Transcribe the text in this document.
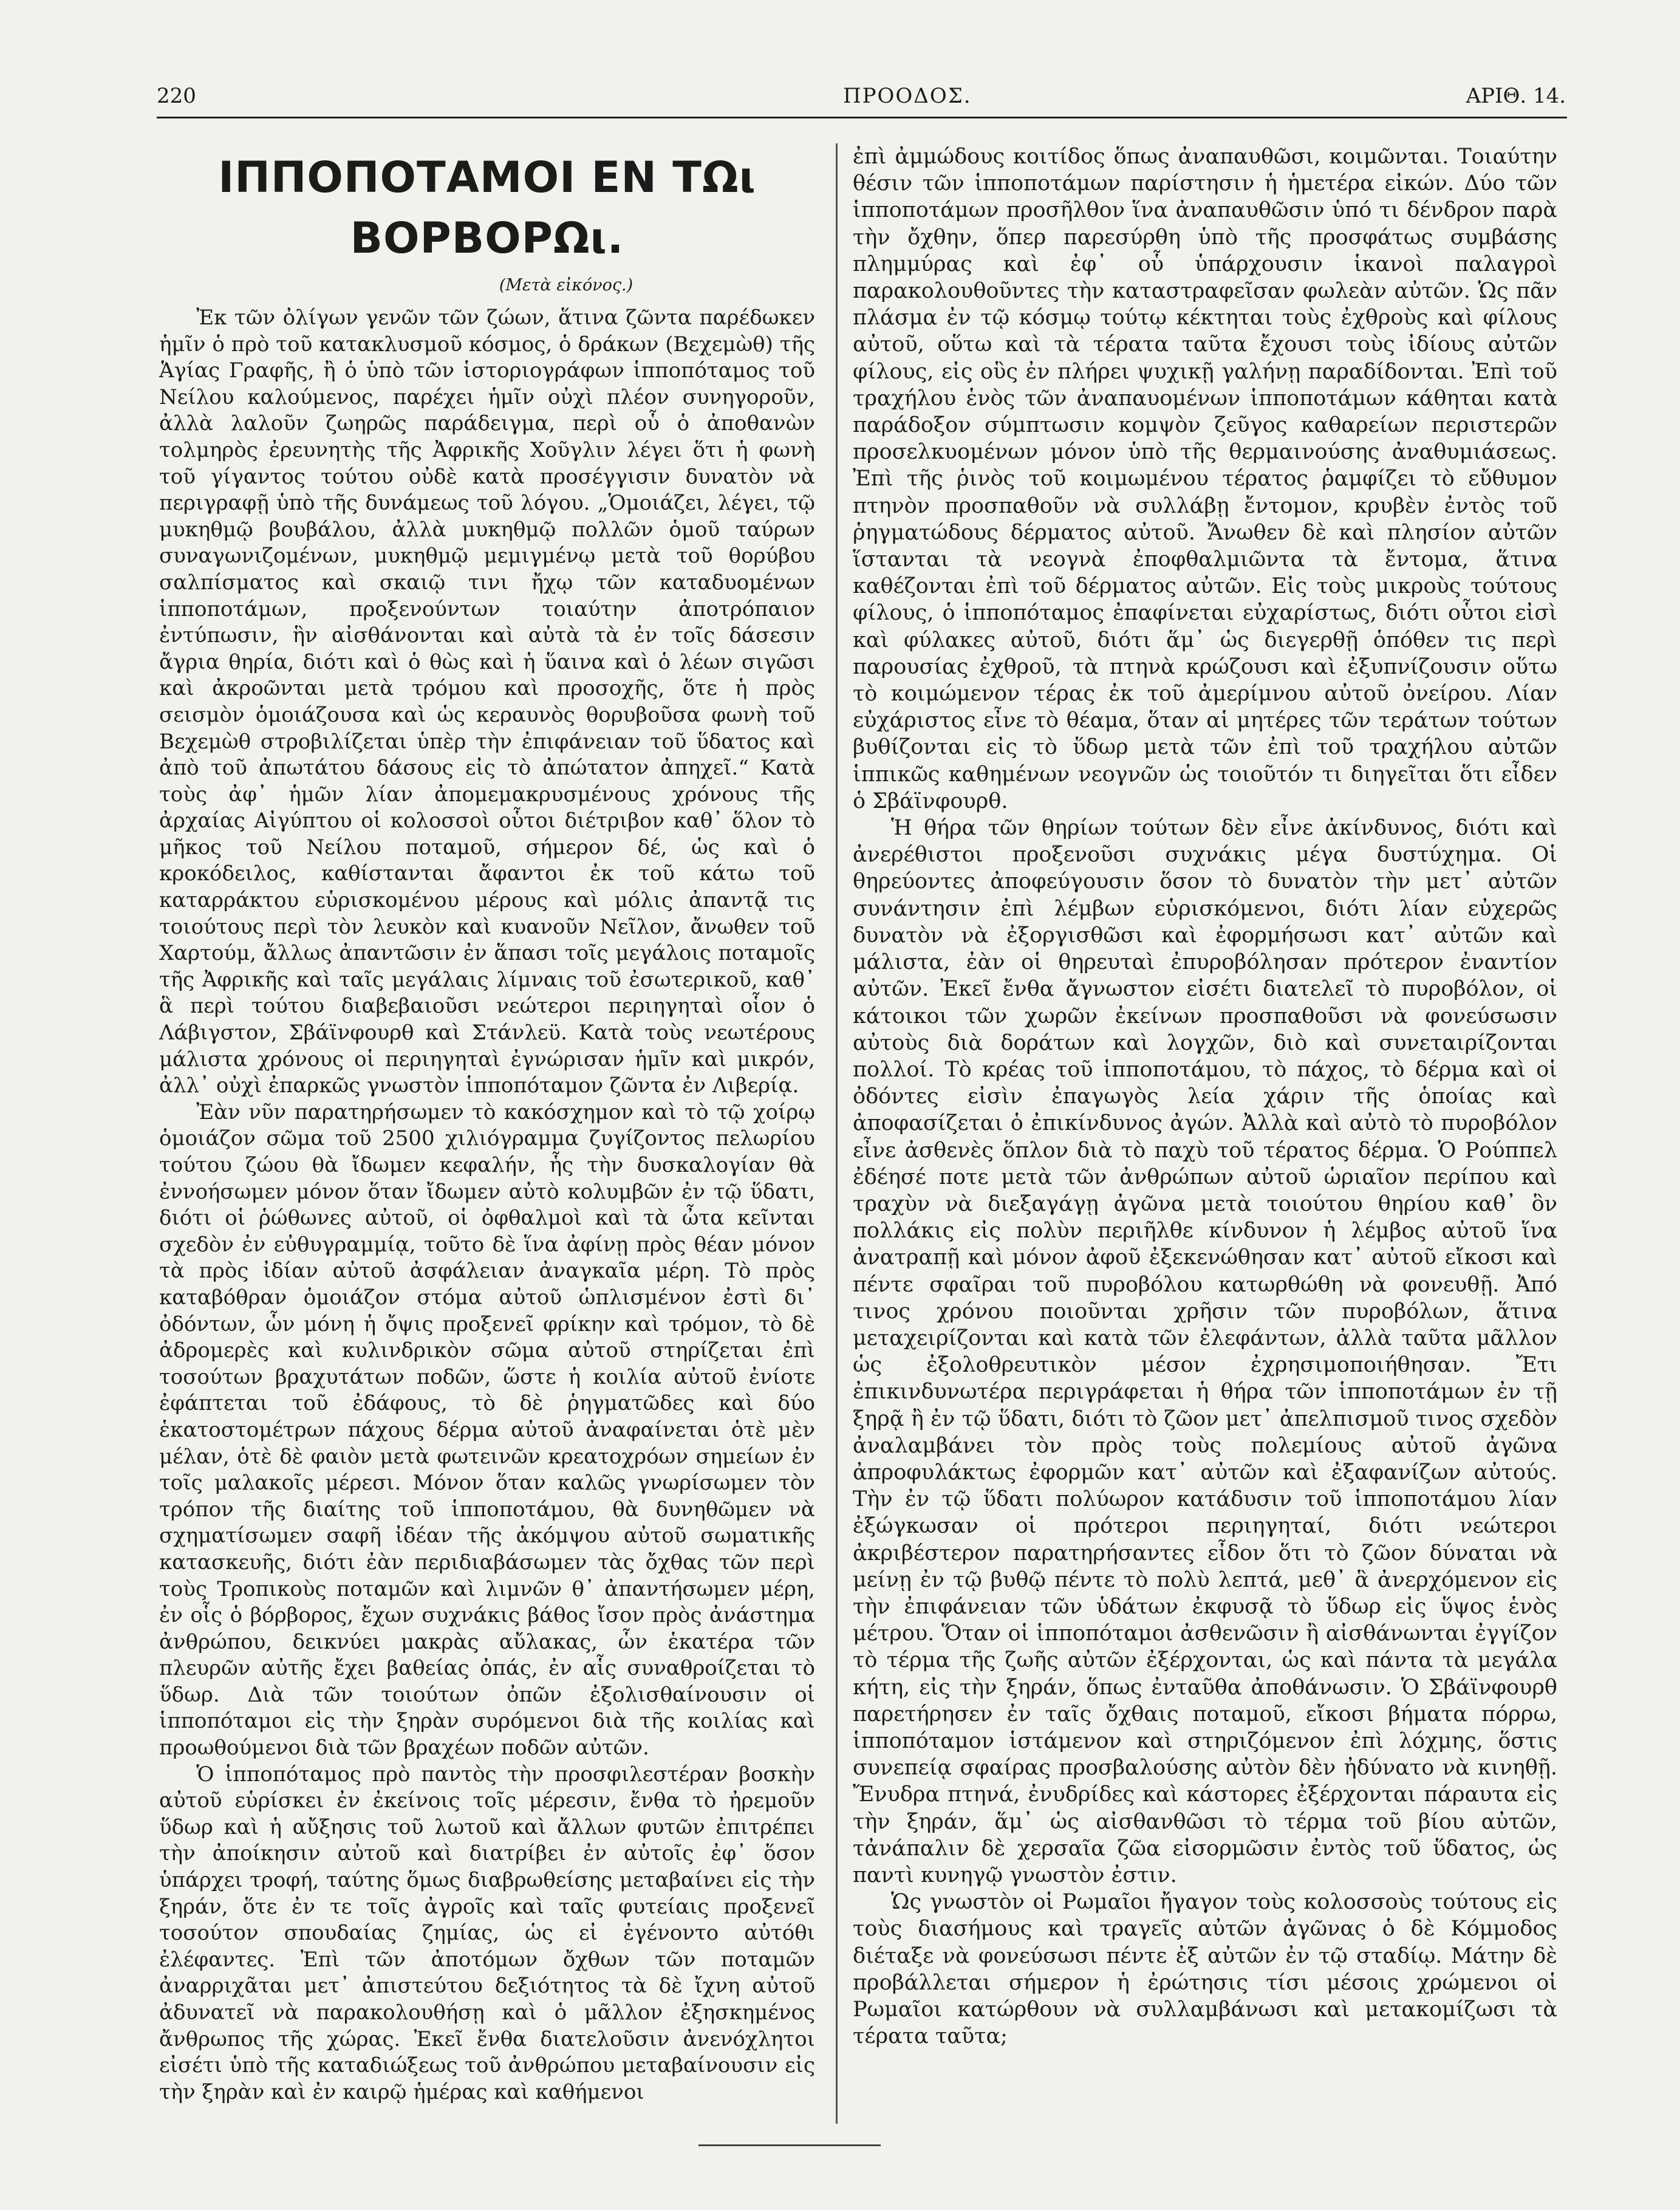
220	ΠΡΟΟΔΟΣ.	ΑΡΙΘ. 14.
ΙΠΠΟΠΟΤΑΜΟΙ ΕΝ ΤΩι ΒΟΡΒΟΡΩι.
(Μετὰ εἰκόνος.)

Ἐκ τῶν ὀλίγων γενῶν τῶν ζώων, ἅτινα ζῶντα παρέδωκεν ἡμῖν ὁ πρὸ τοῦ κατακλυσμοῦ κόσμος, ὁ δράκων (Βεχεμὼθ) τῆς Ἁγίας Γραφῆς, ἢ ὁ ὑπὸ τῶν ἱστοριογράφων ἱπποπόταμος τοῦ Νείλου καλούμενος, παρέχει ἡμῖν οὐχὶ πλέον συνηγοροῦν, ἀλλὰ λαλοῦν ζωηρῶς παράδειγμα, περὶ οὗ ὁ ἀποθανὼν τολμηρὸς ἐρευνητὴς τῆς Ἀφρικῆς Χοῦγλιν λέγει ὅτι ἡ φωνὴ τοῦ γίγαντος τούτου οὐδὲ κατὰ προσέγγισιν δυνατὸν νὰ περιγραφῇ ὑπὸ τῆς δυνάμεως τοῦ λόγου. „Ὁμοιάζει, λέγει, τῷ μυκηθμῷ βουβάλου, ἀλλὰ μυκηθμῷ πολλῶν ὁμοῦ ταύρων συναγωνιζομένων, μυκηθμῷ μεμιγμένῳ μετὰ τοῦ θορύβου σαλπίσματος καὶ σκαιῷ τινι ἤχῳ τῶν καταδυομένων ἱπποποτάμων, προξενούντων τοιαύτην ἀποτρόπαιον ἐντύπωσιν, ἣν αἰσθάνονται καὶ αὐτὰ τὰ ἐν τοῖς δάσεσιν ἄγρια θηρία, διότι καὶ ὁ θὼς καὶ ἡ ὕαινα καὶ ὁ λέων σιγῶσι καὶ ἀκροῶνται μετὰ τρόμου καὶ προσοχῆς, ὅτε ἡ πρὸς σεισμὸν ὁμοιάζουσα καὶ ὡς κεραυνὸς θορυβοῦσα φωνὴ τοῦ Βεχεμὼθ στροβιλίζεται ὑπὲρ τὴν ἐπιφάνειαν τοῦ ὕδατος καὶ ἀπὸ τοῦ ἀπωτάτου δάσους εἰς τὸ ἀπώτατον ἀπηχεῖ.“ Κατὰ τοὺς ἀφ᾽ ἡμῶν λίαν ἀπομεμακρυσμένους χρόνους τῆς ἀρχαίας Αἰγύπτου οἱ κολοσσοὶ οὗτοι διέτριβον καθ᾽ ὅλον τὸ μῆκος τοῦ Νείλου ποταμοῦ, σήμερον δέ, ὡς καὶ ὁ κροκόδειλος, καθίστανται ἄφαντοι ἐκ τοῦ κάτω τοῦ καταρράκτου εὑρισκομένου μέρους καὶ μόλις ἀπαντᾷ τις τοιούτους περὶ τὸν λευκὸν καὶ κυανοῦν Νεῖλον, ἄνωθεν τοῦ Χαρτούμ, ἄλλως ἀπαντῶσιν ἐν ἅπασι τοῖς μεγάλοις ποταμοῖς τῆς Ἀφρικῆς καὶ ταῖς μεγάλαις λίμναις τοῦ ἐσωτερικοῦ, καθ᾽ ἃ περὶ τούτου διαβεβαιοῦσι νεώτεροι περιηγηταὶ οἷον ὁ Λάβιγστον, Σβάϊνφουρθ καὶ Στάνλεϋ. Κατὰ τοὺς νεωτέρους μάλιστα χρόνους οἱ περιηγηταὶ ἐγνώρισαν ἡμῖν καὶ μικρόν, ἀλλ᾽ οὐχὶ ἐπαρκῶς γνωστὸν ἱπποπόταμον ζῶντα ἐν Λιβερίᾳ.

Ἐὰν νῦν παρατηρήσωμεν τὸ κακόσχημον καὶ τὸ τῷ χοίρῳ ὁμοιάζον σῶμα τοῦ 2500 χιλιόγραμμα ζυγίζοντος πελωρίου τούτου ζώου θὰ ἴδωμεν κεφαλήν, ἧς τὴν δυσκαλογίαν θὰ ἐννοήσωμεν μόνον ὅταν ἴδωμεν αὐτὸ κολυμβῶν ἐν τῷ ὕδατι, διότι οἱ ῥώθωνες αὐτοῦ, οἱ ὀφθαλμοὶ καὶ τὰ ὦτα κεῖνται σχεδὸν ἐν εὐθυγραμμίᾳ, τοῦτο δὲ ἵνα ἀφίνῃ πρὸς θέαν μόνον τὰ πρὸς ἰδίαν αὐτοῦ ἀσφάλειαν ἀναγκαῖα μέρη. Τὸ πρὸς καταβόθραν ὁμοιάζον στόμα αὐτοῦ ὡπλισμένον ἐστὶ δι᾽ ὀδόντων, ὧν μόνη ἡ ὄψις προξενεῖ φρίκην καὶ τρόμον, τὸ δὲ ἀδρομερὲς καὶ κυλινδρικὸν σῶμα αὐτοῦ στηρίζεται ἐπὶ τοσούτων βραχυτάτων ποδῶν, ὥστε ἡ κοιλία αὐτοῦ ἐνίοτε ἐφάπτεται τοῦ ἐδάφους, τὸ δὲ ῥηγματῶδες καὶ δύο ἑκατοστομέτρων πάχους δέρμα αὐτοῦ ἀναφαίνεται ὁτὲ μὲν μέλαν, ὁτὲ δὲ φαιὸν μετὰ φωτεινῶν κρεατοχρόων σημείων ἐν τοῖς μαλακοῖς μέρεσι. Μόνον ὅταν καλῶς γνωρίσωμεν τὸν τρόπον τῆς διαίτης τοῦ ἱπποποτάμου, θὰ δυνηθῶμεν νὰ σχηματίσωμεν σαφῆ ἰδέαν τῆς ἀκόμψου αὐτοῦ σωματικῆς κατασκευῆς, διότι ἐὰν περιδιαβάσωμεν τὰς ὄχθας τῶν περὶ τοὺς Τροπικοὺς ποταμῶν καὶ λιμνῶν θ᾽ ἀπαντήσωμεν μέρη, ἐν οἷς ὁ βόρβορος, ἔχων συχνάκις βάθος ἴσον πρὸς ἀνάστημα ἀνθρώπου, δεικνύει μακρὰς αὔλακας, ὧν ἑκατέρα τῶν πλευρῶν αὐτῆς ἔχει βαθείας ὀπάς, ἐν αἷς συναθροίζεται τὸ ὕδωρ. Διὰ τῶν τοιούτων ὀπῶν ἐξολισθαίνουσιν οἱ ἱπποπόταμοι εἰς τὴν ξηρὰν συρόμενοι διὰ τῆς κοιλίας καὶ προωθούμενοι διὰ τῶν βραχέων ποδῶν αὐτῶν.

Ὁ ἱπποπόταμος πρὸ παντὸς τὴν προσφιλεστέραν βοσκὴν αὐτοῦ εὑρίσκει ἐν ἐκείνοις τοῖς μέρεσιν, ἔνθα τὸ ἠρεμοῦν ὕδωρ καὶ ἡ αὔξησις τοῦ λωτοῦ καὶ ἄλλων φυτῶν ἐπιτρέπει τὴν ἀποίκησιν αὐτοῦ καὶ διατρίβει ἐν αὐτοῖς ἐφ᾽ ὅσον ὑπάρχει τροφή, ταύτης ὅμως διαβρωθείσης μεταβαίνει εἰς τὴν ξηράν, ὅτε ἐν τε τοῖς ἀγροῖς καὶ ταῖς φυτείαις προξενεῖ τοσούτον σπουδαίας ζημίας, ὡς εἰ ἐγένοντο αὐτόθι ἐλέφαντες. Ἐπὶ τῶν ἀποτόμων ὄχθων τῶν ποταμῶν ἀναρριχᾶται μετ᾽ ἀπιστεύτου δεξιότητος τὰ δὲ ἴχνη αὐτοῦ ἀδυνατεῖ νὰ παρακολουθήσῃ καὶ ὁ μᾶλλον ἐξησκημένος ἄνθρωπος τῆς χώρας. Ἐκεῖ ἔνθα διατελοῦσιν ἀνενόχλητοι εἰσέτι ὑπὸ τῆς καταδιώξεως τοῦ ἀνθρώπου μεταβαίνουσιν εἰς τὴν ξηρὰν καὶ ἐν καιρῷ ἡμέρας καὶ καθήμενοι

ἐπὶ ἀμμώδους κοιτίδος ὅπως ἀναπαυθῶσι, κοιμῶνται. Τοιαύτην θέσιν τῶν ἱπποποτάμων παρίστησιν ἡ ἡμετέρα εἰκών. Δύο τῶν ἱπποποτάμων προσῆλθον ἵνα ἀναπαυθῶσιν ὑπό τι δένδρον παρὰ τὴν ὄχθην, ὅπερ παρεσύρθη ὑπὸ τῆς προσφάτως συμβάσης πλημμύρας καὶ ἐφ᾽ οὗ ὑπάρχουσιν ἱκανοὶ παλαγροὶ παρακολουθοῦντες τὴν καταστραφεῖσαν φωλεὰν αὐτῶν. Ὡς πᾶν πλάσμα ἐν τῷ κόσμῳ τούτῳ κέκτηται τοὺς ἐχθροὺς καὶ φίλους αὐτοῦ, οὕτω καὶ τὰ τέρατα ταῦτα ἔχουσι τοὺς ἰδίους αὐτῶν φίλους, εἰς οὓς ἐν πλήρει ψυχικῇ γαλήνῃ παραδίδονται. Ἐπὶ τοῦ τραχήλου ἑνὸς τῶν ἀναπαυομένων ἱπποποτάμων κάθηται κατὰ παράδοξον σύμπτωσιν κομψὸν ζεῦγος καθαρείων περιστερῶν προσελκυομένων μόνον ὑπὸ τῆς θερμαινούσης ἀναθυμιάσεως. Ἐπὶ τῆς ῥινὸς τοῦ κοιμωμένου τέρατος ῥαμφίζει τὸ εὔθυμον πτηνὸν προσπαθοῦν νὰ συλλάβῃ ἔντομον, κρυβὲν ἐντὸς τοῦ ῥηγματώδους δέρματος αὐτοῦ. Ἄνωθεν δὲ καὶ πλησίον αὐτῶν ἵστανται τὰ νεογνὰ ἐποφθαλμιῶντα τὰ ἔντομα, ἅτινα καθέζονται ἐπὶ τοῦ δέρματος αὐτῶν. Εἰς τοὺς μικροὺς τούτους φίλους, ὁ ἱπποπόταμος ἐπαφίνεται εὐχαρίστως, διότι οὗτοι εἰσὶ καὶ φύλακες αὐτοῦ, διότι ἅμ᾽ ὡς διεγερθῇ ὁπόθεν τις περὶ παρουσίας ἐχθροῦ, τὰ πτηνὰ κρώζουσι καὶ ἐξυπνίζουσιν οὕτω τὸ κοιμώμενον τέρας ἐκ τοῦ ἀμερίμνου αὐτοῦ ὀνείρου. Λίαν εὐχάριστος εἶνε τὸ θέαμα, ὅταν αἱ μητέρες τῶν τεράτων τούτων βυθίζονται εἰς τὸ ὕδωρ μετὰ τῶν ἐπὶ τοῦ τραχήλου αὐτῶν ἱππικῶς καθημένων νεογνῶν ὡς τοιοῦτόν τι διηγεῖται ὅτι εἶδεν ὁ Σβάϊνφουρθ.

Ἡ θήρα τῶν θηρίων τούτων δὲν εἶνε ἀκίνδυνος, διότι καὶ ἀνερέθιστοι προξενοῦσι συχνάκις μέγα δυστύχημα. Οἱ θηρεύοντες ἀποφεύγουσιν ὅσον τὸ δυνατὸν τὴν μετ᾽ αὐτῶν συνάντησιν ἐπὶ λέμβων εὑρισκόμενοι, διότι λίαν εὐχερῶς δυνατὸν νὰ ἐξοργισθῶσι καὶ ἐφορμήσωσι κατ᾽ αὐτῶν καὶ μάλιστα, ἐὰν οἱ θηρευταὶ ἐπυροβόλησαν πρότερον ἐναντίον αὐτῶν. Ἐκεῖ ἔνθα ἄγνωστον εἰσέτι διατελεῖ τὸ πυροβόλον, οἱ κάτοικοι τῶν χωρῶν ἐκείνων προσπαθοῦσι νὰ φονεύσωσιν αὐτοὺς διὰ δοράτων καὶ λογχῶν, διὸ καὶ συνεταιρίζονται πολλοί. Τὸ κρέας τοῦ ἱπποποτάμου, τὸ πάχος, τὸ δέρμα καὶ οἱ ὀδόντες εἰσὶν ἐπαγωγὸς λεία χάριν τῆς ὁποίας καὶ ἀποφασίζεται ὁ ἐπικίνδυνος ἀγών. Ἀλλὰ καὶ αὐτὸ τὸ πυροβόλον εἶνε ἀσθενὲς ὅπλον διὰ τὸ παχὺ τοῦ τέρατος δέρμα. Ὁ Ρούππελ ἐδέησέ ποτε μετὰ τῶν ἀνθρώπων αὐτοῦ ὡριαῖον περίπου καὶ τραχὺν νὰ διεξαγάγῃ ἀγῶνα μετὰ τοιούτου θηρίου καθ᾽ ὃν πολλάκις εἰς πολὺν περιῆλθε κίνδυνον ἡ λέμβος αὐτοῦ ἵνα ἀνατραπῇ καὶ μόνον ἀφοῦ ἐξεκενώθησαν κατ᾽ αὐτοῦ εἴκοσι καὶ πέντε σφαῖραι τοῦ πυροβόλου κατωρθώθη νὰ φονευθῇ. Ἀπό τινος χρόνου ποιοῦνται χρῆσιν τῶν πυροβόλων, ἅτινα μεταχειρίζονται καὶ κατὰ τῶν ἐλεφάντων, ἀλλὰ ταῦτα μᾶλλον ὡς ἐξολοθρευτικὸν μέσον ἐχρησιμοποιήθησαν. Ἔτι ἐπικινδυνωτέρα περιγράφεται ἡ θήρα τῶν ἱπποποτάμων ἐν τῇ ξηρᾷ ἢ ἐν τῷ ὕδατι, διότι τὸ ζῶον μετ᾽ ἀπελπισμοῦ τινος σχεδὸν ἀναλαμβάνει τὸν πρὸς τοὺς πολεμίους αὐτοῦ ἀγῶνα ἀπροφυλάκτως ἐφορμῶν κατ᾽ αὐτῶν καὶ ἐξαφανίζων αὐτούς. Τὴν ἐν τῷ ὕδατι πολύωρον κατάδυσιν τοῦ ἱπποποτάμου λίαν ἐξώγκωσαν οἱ πρότεροι περιηγηταί, διότι νεώτεροι ἀκριβέστερον παρατηρήσαντες εἶδον ὅτι τὸ ζῶον δύναται νὰ μείνῃ ἐν τῷ βυθῷ πέντε τὸ πολὺ λεπτά, μεθ᾽ ἃ ἀνερχόμενον εἰς τὴν ἐπιφάνειαν τῶν ὑδάτων ἐκφυσᾷ τὸ ὕδωρ εἰς ὕψος ἑνὸς μέτρου. Ὅταν οἱ ἱπποπόταμοι ἀσθενῶσιν ἢ αἰσθάνωνται ἐγγίζον τὸ τέρμα τῆς ζωῆς αὐτῶν ἐξέρχονται, ὡς καὶ πάντα τὰ μεγάλα κήτη, εἰς τὴν ξηράν, ὅπως ἐνταῦθα ἀποθάνωσιν. Ὁ Σβάϊνφουρθ παρετήρησεν ἐν ταῖς ὄχθαις ποταμοῦ, εἴκοσι βήματα πόρρω, ἱπποπόταμον ἱστάμενον καὶ στηριζόμενον ἐπὶ λόχμης, ὅστις συνεπείᾳ σφαίρας προσβαλούσης αὐτὸν δὲν ἠδύνατο νὰ κινηθῇ. Ἔνυδρα πτηνά, ἐνυδρίδες καὶ κάστορες ἐξέρχονται πάραυτα εἰς τὴν ξηράν, ἅμ᾽ ὡς αἰσθανθῶσι τὸ τέρμα τοῦ βίου αὐτῶν, τἀνάπαλιν δὲ χερσαῖα ζῶα εἰσορμῶσιν ἐντὸς τοῦ ὕδατος, ὡς παντὶ κυνηγῷ γνωστὸν ἐστιν.

Ὡς γνωστὸν οἱ Ρωμαῖοι ἤγαγον τοὺς κολοσσοὺς τούτους εἰς τοὺς διασήμους καὶ τραγεῖς αὐτῶν ἀγῶνας ὁ δὲ Κόμμοδος διέταξε νὰ φονεύσωσι πέντε ἐξ αὐτῶν ἐν τῷ σταδίῳ. Μάτην δὲ προβάλλεται σήμερον ἡ ἐρώτησις τίσι μέσοις χρώμενοι οἱ Ρωμαῖοι κατώρθουν νὰ συλλαμβάνωσι καὶ μετακομίζωσι τὰ τέρατα ταῦτα;
